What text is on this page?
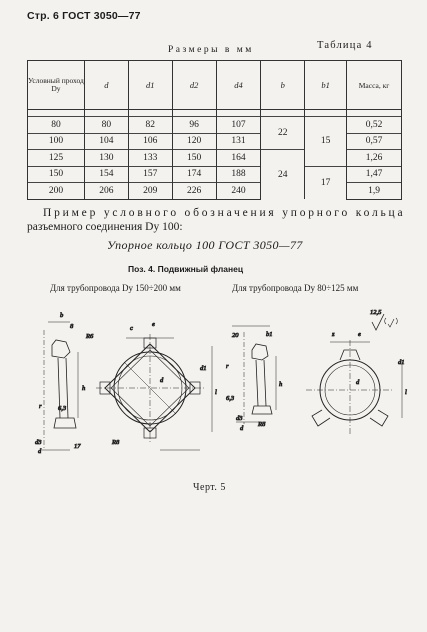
Стр. 6 ГОСТ 3050—77
Размеры в мм	Таблица 4
Условный проход Dу	d	d1	d2	d4	b	b1	Масса, кг

80	80	82	96	107	22	15	0,52
100	104	106	120	131			0,57
125	130	133	150	164	24		1,26
150	154	157	174	188		17	1,47
200	206	209	226	240			1,9
Пример условного обозначения упорного кольца
разъемного соединения Dу 100:
Упорное кольцо 100 ГОСТ 3050—77
Поз. 4. Подвижный фланец
Для трубопровода Dу 150÷200 мм	Для трубопровода Dу 80÷125 мм
b
8
R6
r	6,3
d3
d
h
c
e
d1
d
l
17
R8
20	b1
r
6,3
d3
R8
d
h
z	e
d1
l
d
12,5
Черт. 5
